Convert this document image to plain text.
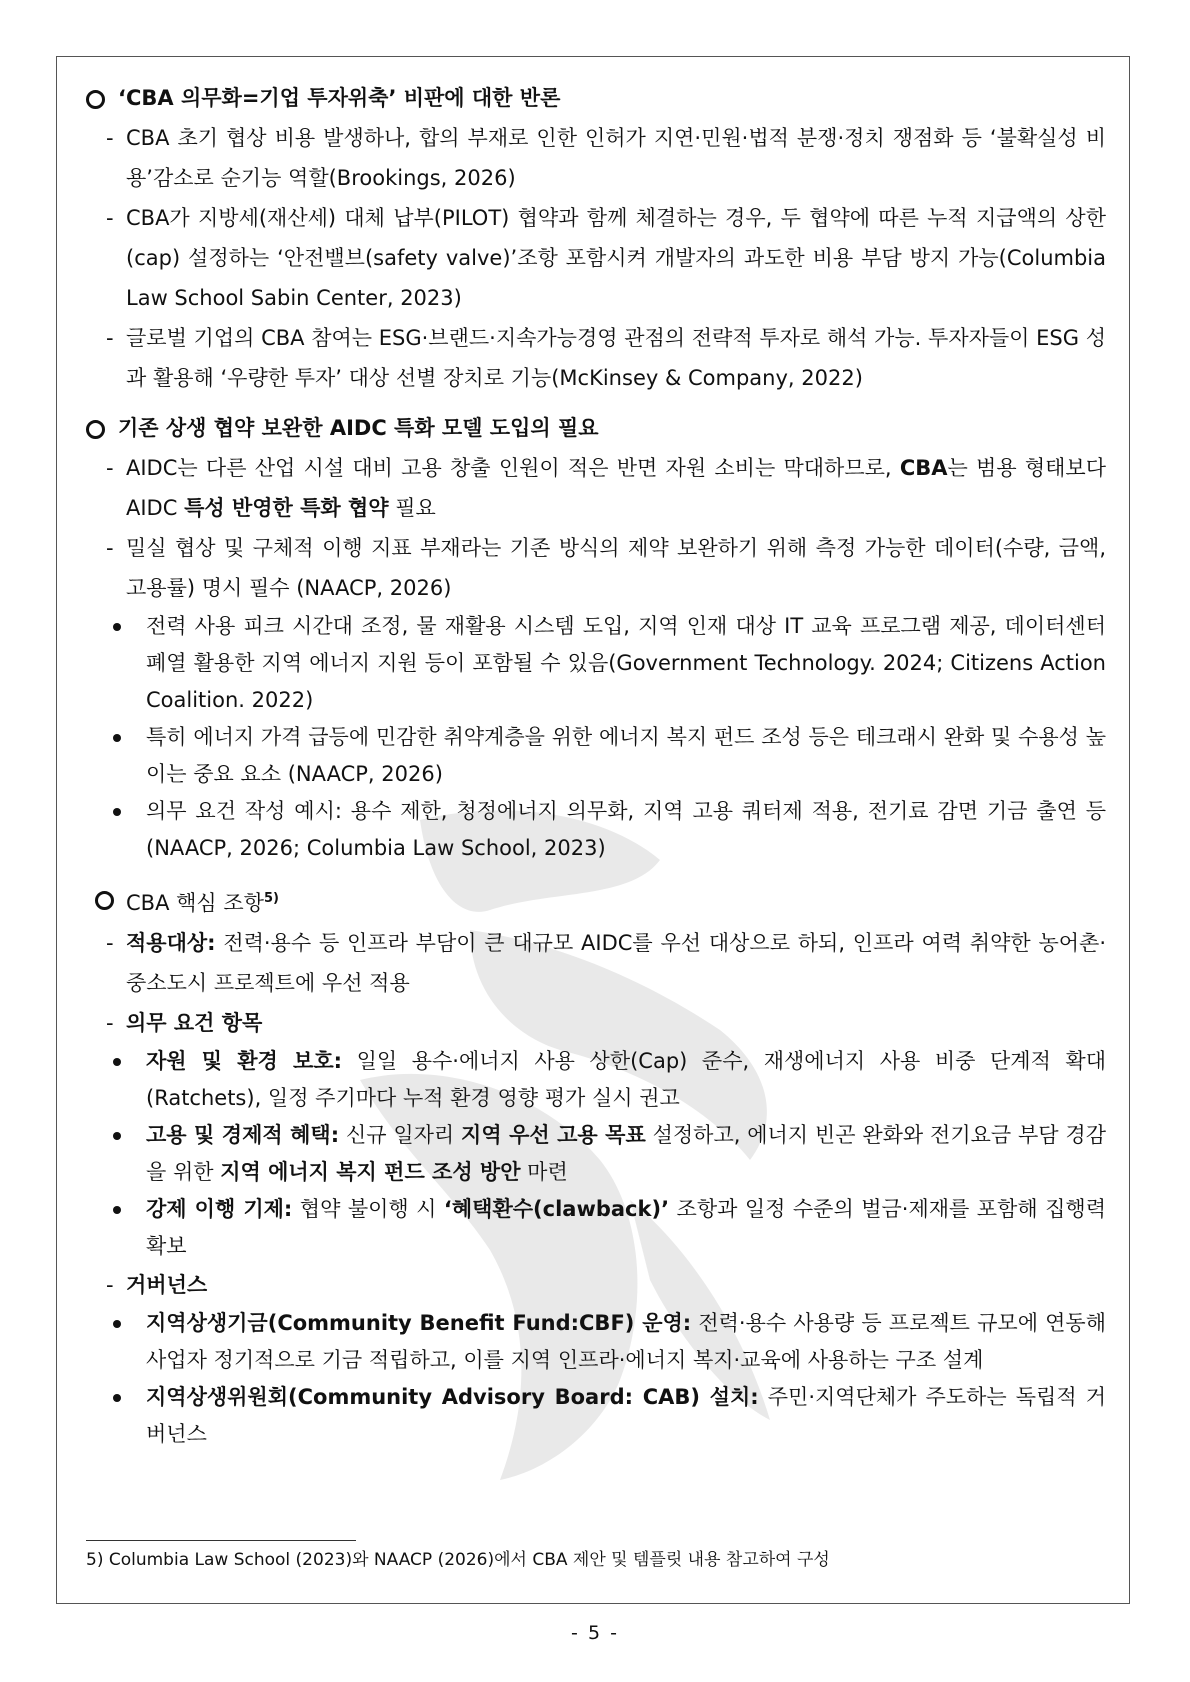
‘CBA 의무화=기업 투자위축’ 비판에 대한 반론

- CBA 초기 협상 비용 발생하나, 합의 부재로 인한 인허가 지연·민원·법적 분쟁·정치 쟁점화 등 ‘불확실성 비용’감소로 순기능 역할(Brookings, 2026)

- CBA가 지방세(재산세) 대체 납부(PILOT) 협약과 함께 체결하는 경우, 두 협약에 따른 누적 지급액의 상한(cap) 설정하는 ‘안전밸브(safety valve)’조항 포함시켜 개발자의 과도한 비용 부담 방지 가능(Columbia Law School Sabin Center, 2023)

- 글로벌 기업의 CBA 참여는 ESG·브랜드·지속가능경영 관점의 전략적 투자로 해석 가능. 투자자들이 ESG 성과 활용해 ‘우량한 투자’ 대상 선별 장치로 기능(McKinsey & Company, 2022)

기존 상생 협약 보완한 AIDC 특화 모델 도입의 필요

- AIDC는 다른 산업 시설 대비 고용 창출 인원이 적은 반면 자원 소비는 막대하므로, CBA는 범용 형태보다 AIDC 특성 반영한 특화 협약 필요

- 밀실 협상 및 구체적 이행 지표 부재라는 기존 방식의 제약 보완하기 위해 측정 가능한 데이터(수량, 금액, 고용률) 명시 필수 (NAACP, 2026)

전력 사용 피크 시간대 조정, 물 재활용 시스템 도입, 지역 인재 대상 IT 교육 프로그램 제공, 데이터센터 폐열 활용한 지역 에너지 지원 등이 포함될 수 있음(Government Technology. 2024; Citizens Action Coalition. 2022)

특히 에너지 가격 급등에 민감한 취약계층을 위한 에너지 복지 펀드 조성 등은 테크래시 완화 및 수용성 높이는 중요 요소 (NAACP, 2026)

의무 요건 작성 예시: 용수 제한, 청정에너지 의무화, 지역 고용 쿼터제 적용, 전기료 감면 기금 출연 등 (NAACP, 2026; Columbia Law School, 2023)

CBA 핵심 조항$^{5)}$

- 적용대상: 전력·용수 등 인프라 부담이 큰 대규모 AIDC를 우선 대상으로 하되, 인프라 여력 취약한 농어촌·중소도시 프로젝트에 우선 적용

- 의무 요건 항목

자원 및 환경 보호: 일일 용수·에너지 사용 상한(Cap) 준수, 재생에너지 사용 비중 단계적 확대(Ratchets), 일정 주기마다 누적 환경 영향 평가 실시 권고

고용 및 경제적 혜택: 신규 일자리 지역 우선 고용 목표 설정하고, 에너지 빈곤 완화와 전기요금 부담 경감을 위한 지역 에너지 복지 펀드 조성 방안 마련

강제 이행 기제: 협약 불이행 시 ‘혜택환수(clawback)’ 조항과 일정 수준의 벌금·제재를 포함해 집행력 확보

- 거버넌스

지역상생기금(Community Benefit Fund:CBF) 운영: 전력·용수 사용량 등 프로젝트 규모에 연동해 사업자 정기적으로 기금 적립하고, 이를 지역 인프라·에너지 복지·교육에 사용하는 구조 설계

지역상생위원회(Community Advisory Board: CAB) 설치: 주민·지역단체가 주도하는 독립적 거버넌스

5) Columbia Law School (2023)와 NAACP (2026)에서 CBA 제안 및 템플릿 내용 참고하여 구성
- 5 -
